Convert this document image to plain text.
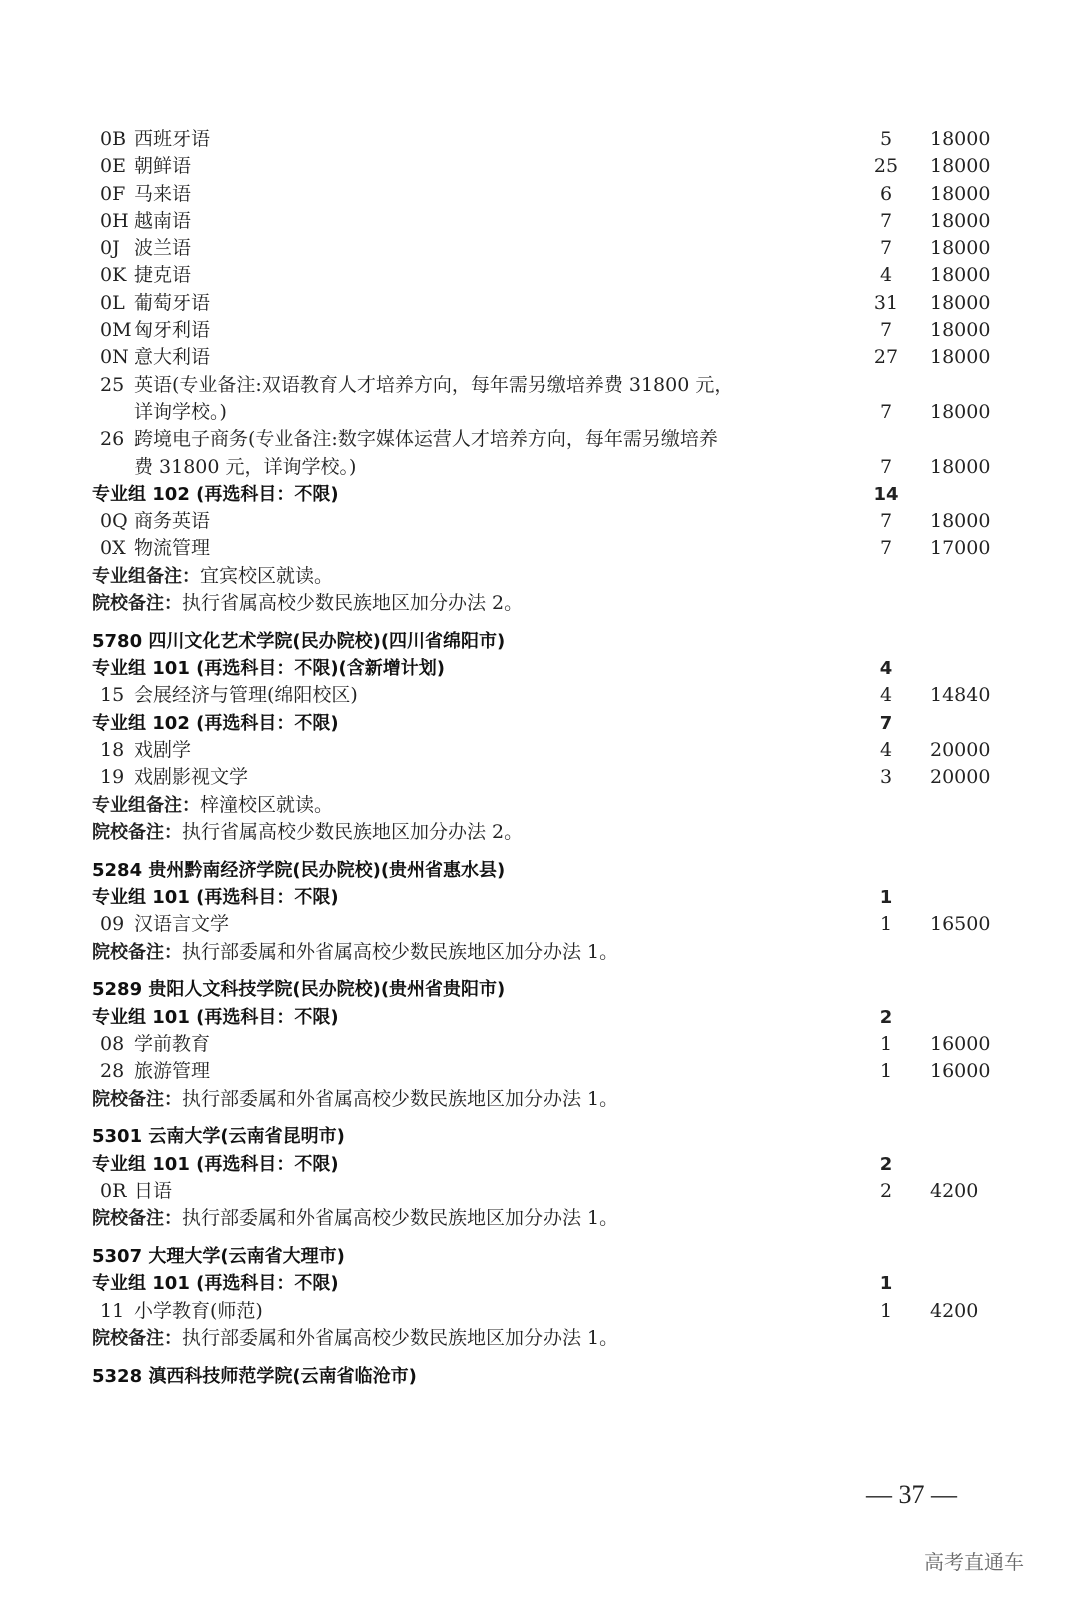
0B 西班牙语	5	18000
0E 朝鲜语	25	18000
0F 马来语	6	18000
0H 越南语	7	18000
0J 波兰语	7	18000
0K 捷克语	4	18000
0L 葡萄牙语	31	18000
0M 匈牙利语	7	18000
0N 意大利语	27	18000
25 英语(专业备注:双语教育人才培养方向，每年需另缴培养费 31800 元，
详询学校。)	7	18000
26 跨境电子商务(专业备注:数字媒体运营人才培养方向，每年需另缴培养
费 31800 元，详询学校。)	7	18000
专业组 102 (再选科目：不限)	14
0Q 商务英语	7	18000
0X 物流管理	7	17000
专业组备注：宜宾校区就读。
院校备注：执行省属高校少数民族地区加分办法 2。
5780 四川文化艺术学院(民办院校)(四川省绵阳市)
专业组 101 (再选科目：不限)(含新增计划)	4
15 会展经济与管理(绵阳校区)	4	14840
专业组 102 (再选科目：不限)	7
18 戏剧学	4	20000
19 戏剧影视文学	3	20000
专业组备注：梓潼校区就读。
院校备注：执行省属高校少数民族地区加分办法 2。
5284 贵州黔南经济学院(民办院校)(贵州省惠水县)
专业组 101 (再选科目：不限)	1
09 汉语言文学	1	16500
院校备注：执行部委属和外省属高校少数民族地区加分办法 1。
5289 贵阳人文科技学院(民办院校)(贵州省贵阳市)
专业组 101 (再选科目：不限)	2
08 学前教育	1	16000
28 旅游管理	1	16000
院校备注：执行部委属和外省属高校少数民族地区加分办法 1。
5301 云南大学(云南省昆明市)
专业组 101 (再选科目：不限)	2
0R 日语	2	4200
院校备注：执行部委属和外省属高校少数民族地区加分办法 1。
5307 大理大学(云南省大理市)
专业组 101 (再选科目：不限)	1
11 小学教育(师范)	1	4200
院校备注：执行部委属和外省属高校少数民族地区加分办法 1。
5328 滇西科技师范学院(云南省临沧市)
— 37 —
高考直通车
